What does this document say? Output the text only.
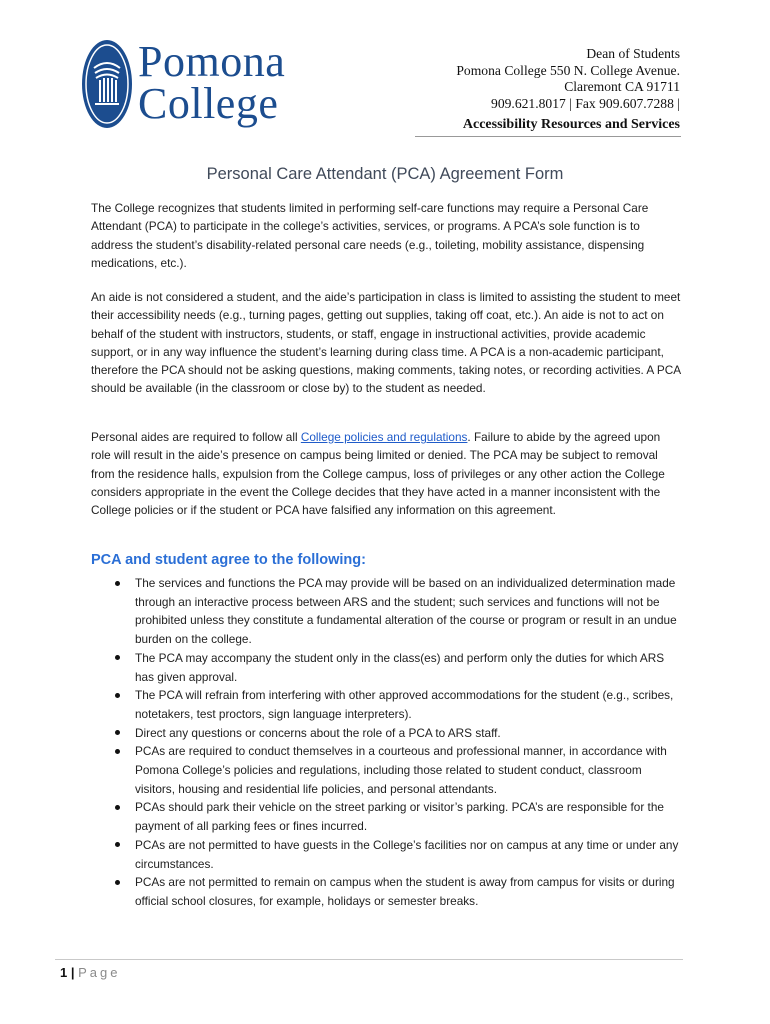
Pomona
College
Dean of Students
Pomona College 550 N. College Avenue.
Claremont CA 91711
909.621.8017 | Fax 909.607.7288 |
Accessibility Resources and Services
Personal Care Attendant (PCA) Agreement Form

The College recognizes that students limited in performing self-care functions may require a Personal Care Attendant (PCA) to participate in the college’s activities, services, or programs. A PCA’s sole function is to address the student’s disability-related personal care needs (e.g., toileting, mobility assistance, dispensing medications, etc.).

An aide is not considered a student, and the aide’s participation in class is limited to assisting the student to meet their accessibility needs (e.g., turning pages, getting out supplies, taking off coat, etc.). An aide is not to act on behalf of the student with instructors, students, or staff, engage in instructional activities, provide academic support, or in any way influence the student’s learning during class time. A PCA is a non-academic participant, therefore the PCA should not be asking questions, making comments, taking notes, or recording activities. A PCA should be available (in the classroom or close by) to the student as needed.

Personal aides are required to follow all College policies and regulations. Failure to abide by the agreed upon role will result in the aide’s presence on campus being limited or denied. The PCA may be subject to removal from the residence halls, expulsion from the College campus, loss of privileges or any other action the College considers appropriate in the event the College decides that they have acted in a manner inconsistent with the College policies or if the student or PCA have falsified any information on this agreement.

PCA and student agree to the following:
The services and functions the PCA may provide will be based on an individualized determination made through an interactive process between ARS and the student; such services and functions will not be prohibited unless they constitute a fundamental alteration of the course or program or result in an undue burden on the college.
The PCA may accompany the student only in the class(es) and perform only the duties for which ARS has given approval.
The PCA will refrain from interfering with other approved accommodations for the student (e.g., scribes, notetakers, test proctors, sign language interpreters).
Direct any questions or concerns about the role of a PCA to ARS staff.
PCAs are required to conduct themselves in a courteous and professional manner, in accordance with Pomona College’s policies and regulations, including those related to student conduct, classroom visitors, housing and residential life policies, and personal attendants.
PCAs should park their vehicle on the street parking or visitor’s parking. PCA’s are responsible for the payment of all parking fees or fines incurred.
PCAs are not permitted to have guests in the College’s facilities nor on campus at any time or under any circumstances.
PCAs are not permitted to remain on campus when the student is away from campus for visits or during official school closures, for example, holidays or semester breaks.
1 | Page
